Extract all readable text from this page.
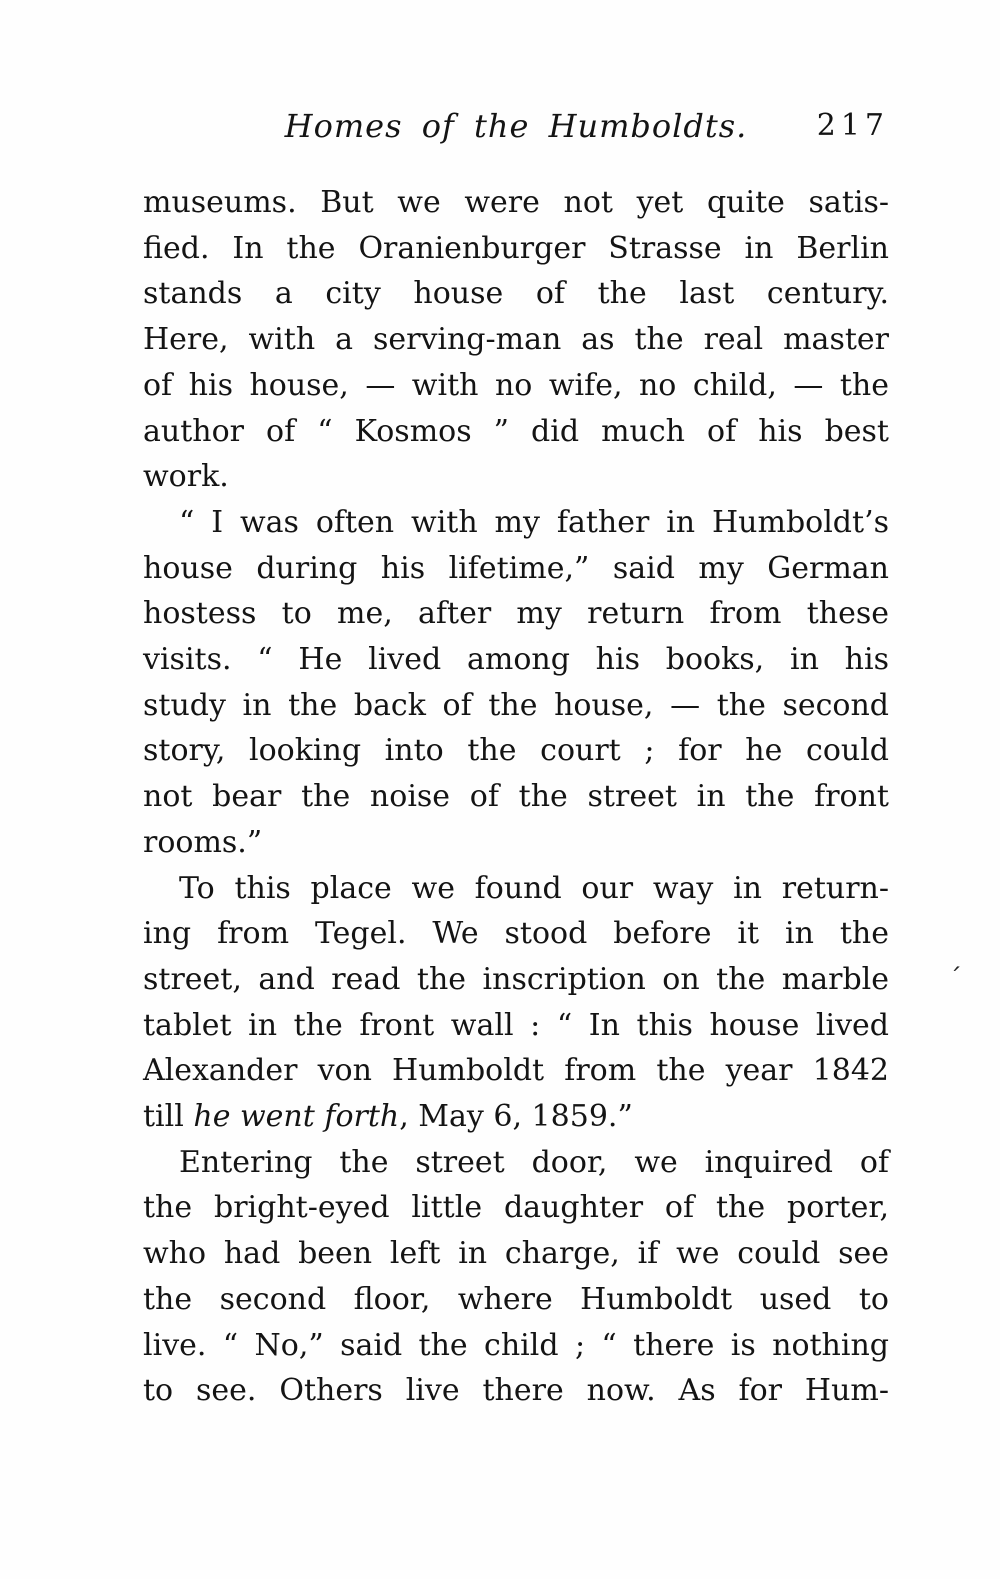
Homes of the Humboldts.	217
museums. But we were not yet quite satis-
fied. In the Oranienburger Strasse in Berlin
stands a city house of the last century.
Here, with a serving-man as the real master
of his house, — with no wife, no child, — the
author of “ Kosmos ” did much of his best
work.
“ I was often with my father in Humboldt’s
house during his lifetime,” said my German
hostess to me, after my return from these
visits. “ He lived among his books, in his
study in the back of the house, — the second
story, looking into the court ; for he could
not bear the noise of the street in the front
rooms.”
To this place we found our way in return-
ing from Tegel. We stood before it in the
street, and read the inscription on the marble
tablet in the front wall : “ In this house lived
Alexander von Humboldt from the year 1842
till he went forth, May 6, 1859.”
Entering the street door, we inquired of
the bright-eyed little daughter of the porter,
who had been left in charge, if we could see
the second floor, where Humboldt used to
live. “ No,” said the child ; “ there is nothing
to see. Others live there now. As for Hum-
´
